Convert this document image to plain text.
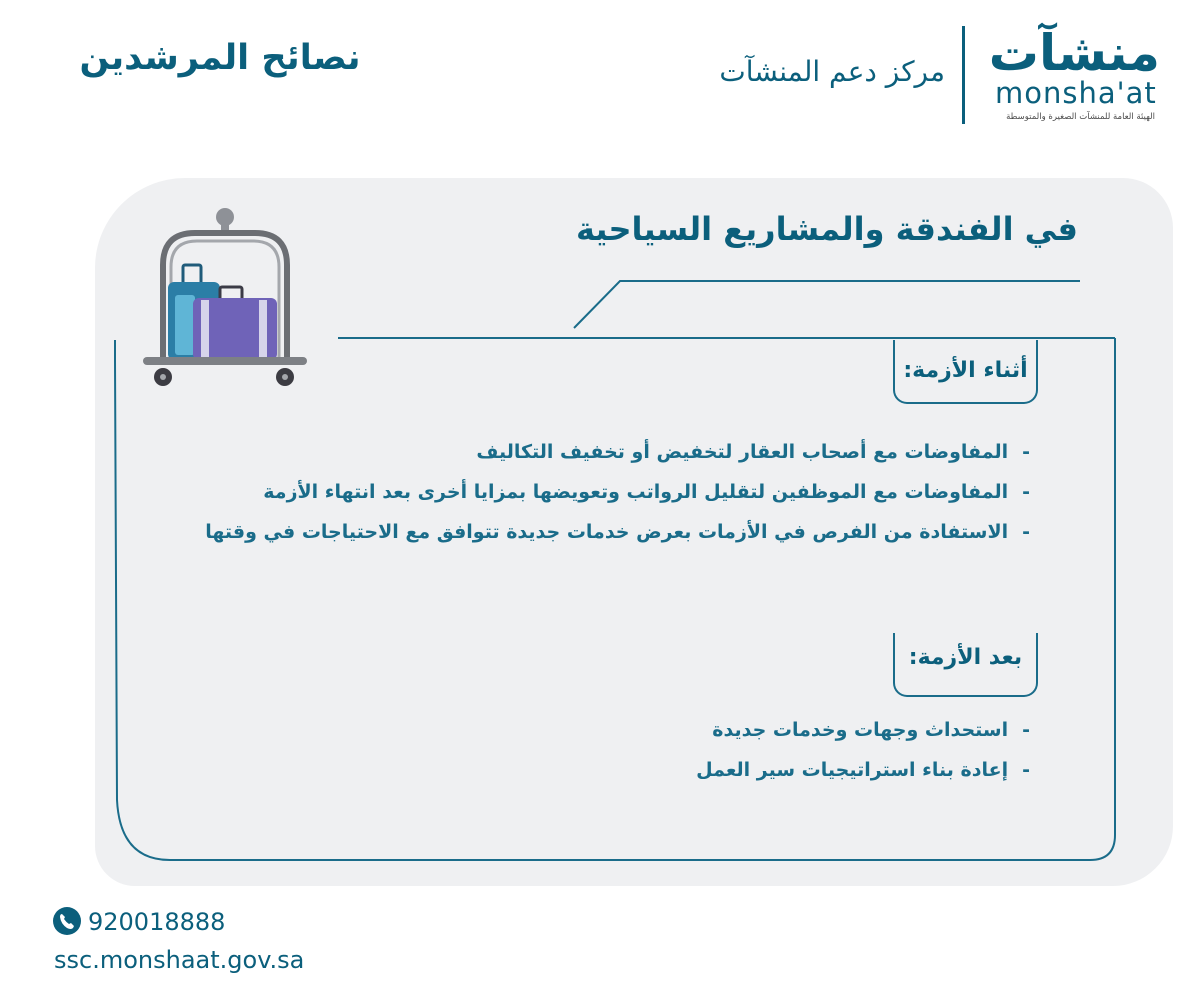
نصائح المرشدين	مركز دعم المنشآت منشآت
monsha'at
الهيئة العامة للمنشآت الصغيرة والمتوسطة
في الفندقة والمشاريع السياحية
أثناء الأزمة:
- المفاوضات مع أصحاب العقار لتخفيض أو تخفيف التكاليف
- المفاوضات مع الموظفين لتقليل الرواتب وتعويضها بمزايا أخرى بعد انتهاء الأزمة
- الاستفادة من الفرص في الأزمات بعرض خدمات جديدة تتوافق مع الاحتياجات في وقتها
بعد الأزمة:
- استحداث وجهات وخدمات جديدة
- إعادة بناء استراتيجيات سير العمل
920018888
ssc.monshaat.gov.sa
